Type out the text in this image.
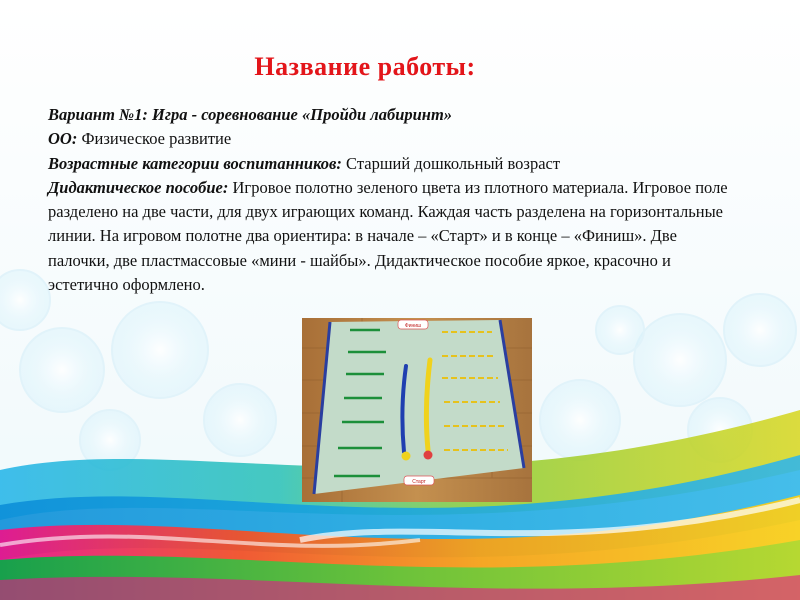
Название работы:
Вариант №1: Игра - соревнование «Пройди лабиринт»
ОО: Физическое развитие
Возрастные категории воспитанников: Старший дошкольный возраст
Дидактическое пособие: Игровое полотно зеленого цвета из плотного материала. Игровое поле разделено на две части, для двух играющих команд. Каждая часть разделена на горизонтальные линии. На игровом полотне два ориентира: в начале – «Старт» и в конце – «Финиш». Две палочки, две пластмассовые «мини - шайбы». Дидактическое пособие яркое, красочно и эстетично оформлено.
Финиш
Старт
